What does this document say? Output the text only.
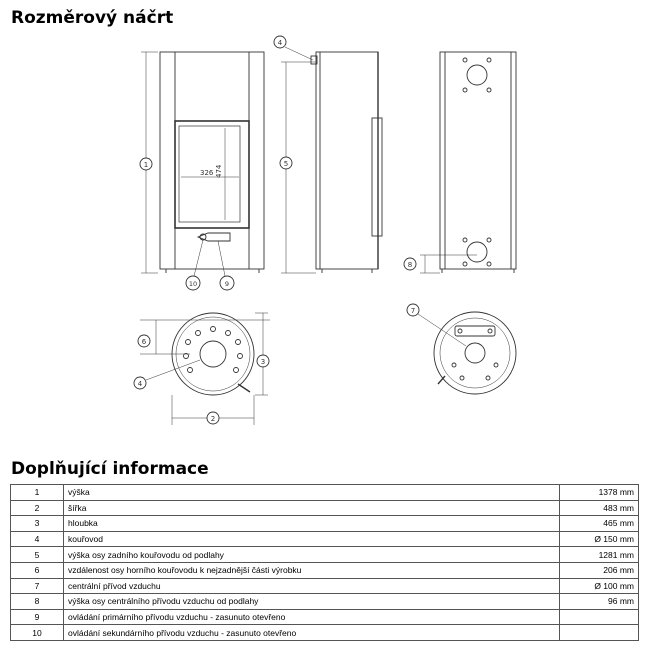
Rozměrový náčrt
474
326
1
10	9
5
4
8
6
3
2
4
7
Doplňující informace
1	výška	1378 mm
2	šířka	483 mm
3	hloubka	465 mm
4	kouřovod	Ø 150 mm
5	výška osy zadního kouřovodu od podlahy	1281 mm
6	vzdálenost osy horního kouřovodu k nejzadnější části výrobku	206 mm
7	centrální přívod vzduchu	Ø 100 mm
8	výška osy centrálního přívodu vzduchu od podlahy	96 mm
9	ovládání primárního přívodu vzduchu - zasunuto otevřeno	
10	ovládání sekundárního přívodu vzduchu - zasunuto otevřeno	
